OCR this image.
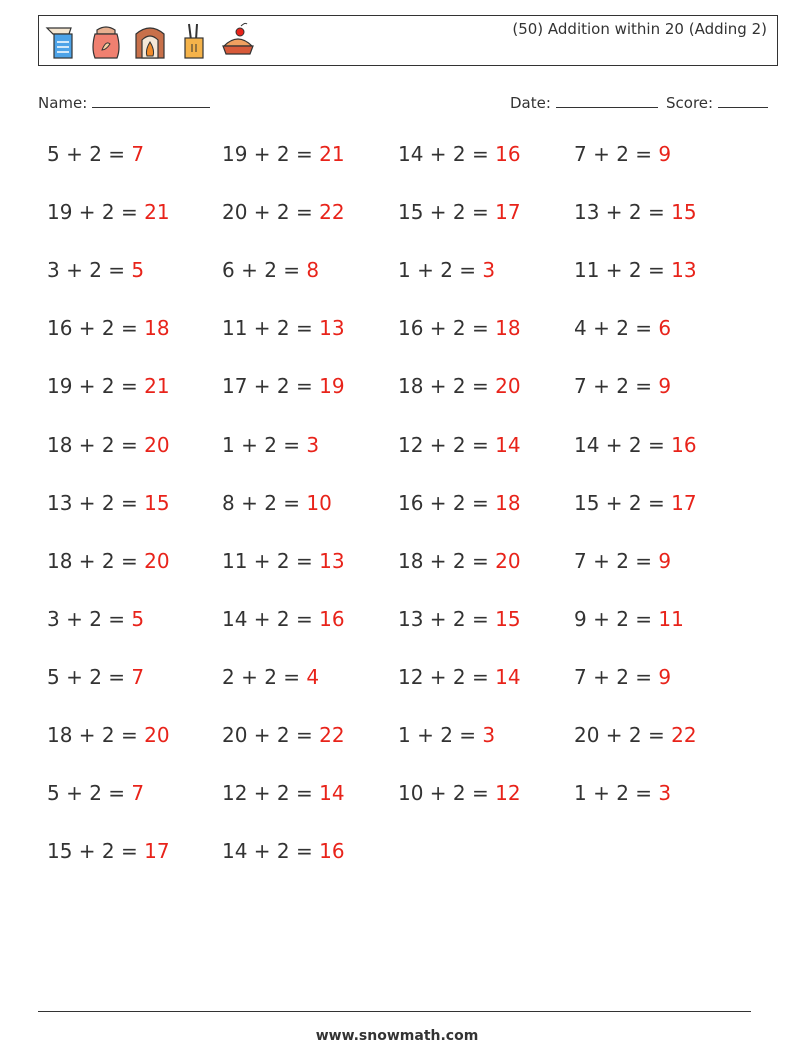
(50) Addition within 20 (Adding 2)
Name:	Date:	Score:
5 + 2 = 7	19 + 2 = 21	14 + 2 = 16	7 + 2 = 9
19 + 2 = 21	20 + 2 = 22	15 + 2 = 17	13 + 2 = 15
3 + 2 = 5	6 + 2 = 8	1 + 2 = 3	11 + 2 = 13
16 + 2 = 18	11 + 2 = 13	16 + 2 = 18	4 + 2 = 6
19 + 2 = 21	17 + 2 = 19	18 + 2 = 20	7 + 2 = 9
18 + 2 = 20	1 + 2 = 3	12 + 2 = 14	14 + 2 = 16
13 + 2 = 15	8 + 2 = 10	16 + 2 = 18	15 + 2 = 17
18 + 2 = 20	11 + 2 = 13	18 + 2 = 20	7 + 2 = 9
3 + 2 = 5	14 + 2 = 16	13 + 2 = 15	9 + 2 = 11
5 + 2 = 7	2 + 2 = 4	12 + 2 = 14	7 + 2 = 9
18 + 2 = 20	20 + 2 = 22	1 + 2 = 3	20 + 2 = 22
5 + 2 = 7	12 + 2 = 14	10 + 2 = 12	1 + 2 = 3
15 + 2 = 17	14 + 2 = 16
www.snowmath.com
